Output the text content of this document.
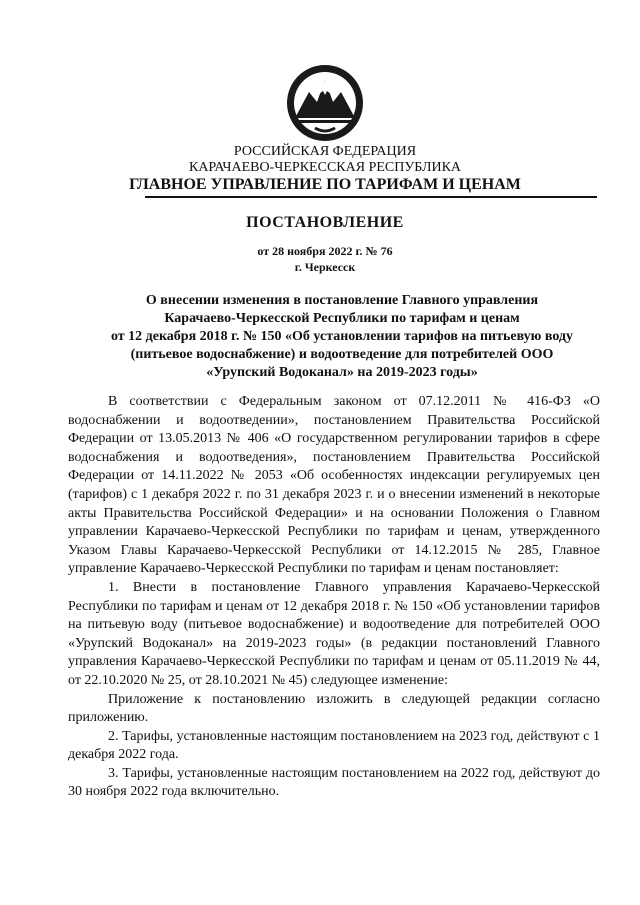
РОССИЙСКАЯ ФЕДЕРАЦИЯ
КАРАЧАЕВО-ЧЕРКЕССКАЯ РЕСПУБЛИКА
ГЛАВНОЕ УПРАВЛЕНИЕ ПО ТАРИФАМ И ЦЕНАМ
ПОСТАНОВЛЕНИЕ
от 28 ноября 2022 г. № 76
г. Черкесск
О внесении изменения в постановление Главного управления
Карачаево-Черкесской Республики по тарифам и ценам
от 12 декабря 2018 г. № 150 «Об установлении тарифов на питьевую воду
(питьевое водоснабжение) и водоотведение для потребителей ООО
«Урупский Водоканал» на 2019-2023 годы»

В соответствии с Федеральным законом от 07.12.2011 № 416-ФЗ «О водоснабжении и водоотведении», постановлением Правительства Российской Федерации от 13.05.2013 № 406 «О государственном регулировании тарифов в сфере водоснабжения и водоотведения», постановлением Правительства Российской Федерации от 14.11.2022 № 2053 «Об особенностях индексации регулируемых цен (тарифов) с 1 декабря 2022 г. по 31 декабря 2023 г. и о внесении изменений в некоторые акты Правительства Российской Федерации» и на основании Положения о Главном управлении Карачаево-Черкесской Республики по тарифам и ценам, утвержденного Указом Главы Карачаево-Черкесской Республики от 14.12.2015 № 285, Главное управление Карачаево-Черкесской Республики по тарифам и ценам постановляет:

1. Внести в постановление Главного управления Карачаево-Черкесской Республики по тарифам и ценам от 12 декабря 2018 г. № 150 «Об установлении тарифов на питьевую воду (питьевое водоснабжение) и водоотведение для потребителей ООО «Урупский Водоканал» на 2019-2023 годы» (в редакции постановлений Главного управления Карачаево-Черкесской Республики по тарифам и ценам от 05.11.2019 № 44, от 22.10.2020 № 25, от 28.10.2021 № 45) следующее изменение:

Приложение к постановлению изложить в следующей редакции согласно приложению.

2. Тарифы, установленные настоящим постановлением на 2023 год, действуют с 1 декабря 2022 года.

3. Тарифы, установленные настоящим постановлением на 2022 год, действуют до 30 ноября 2022 года включительно.
